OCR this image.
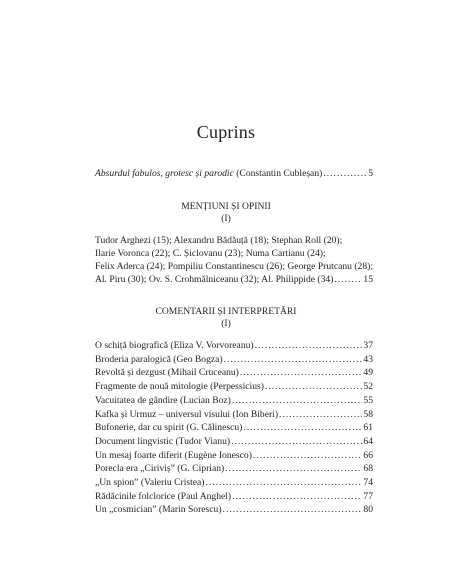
Cuprins
Absurdul fabulos, grotesc și parodic (Constantin Cubleșan) .....	5
MENȚIUNI ȘI OPINII
(I)
Tudor Arghezi (15); Alexandru Bădăuță (18); Stephan Roll (20);
Ilarie Voronca (22); C. Șiclovanu (23); Numa Cartianu (24);
Felix Aderca (24); Pompiliu Constantinescu (26); George Prutcanu (28);
Al. Piru (30); Ov. S. Crohmălniceanu (32); Al. Philippide (34) .....	15
COMENTARII ȘI INTERPRETĂRI
(I)
O schiță biografică (Eliza V. Vorvoreanu) .....	37
Broderia paralogică (Geo Bogza) .....	43
Revoltă și dezgust (Mihail Cruceanu) .....	49
Fragmente de nouă mitologie (Perpessicius) .....	52
Vacuitatea de gândire (Lucian Boz) .....	55
Kafka și Urmuz – universul visului (Ion Biberi) .....	58
Bufonerie, dar cu spirit (G. Călinescu) .....	61
Document lingvistic (Tudor Vianu) .....	64
Un mesaj foarte diferit (Eugène Ionesco) .....	66
Porecla era „Ciriviș” (G. Ciprian) .....	68
„Un spion” (Valeriu Cristea) .....	74
Rădăcinile folclorice (Paul Anghel) .....	77
Un „cosmician” (Marin Sorescu) .....	80
